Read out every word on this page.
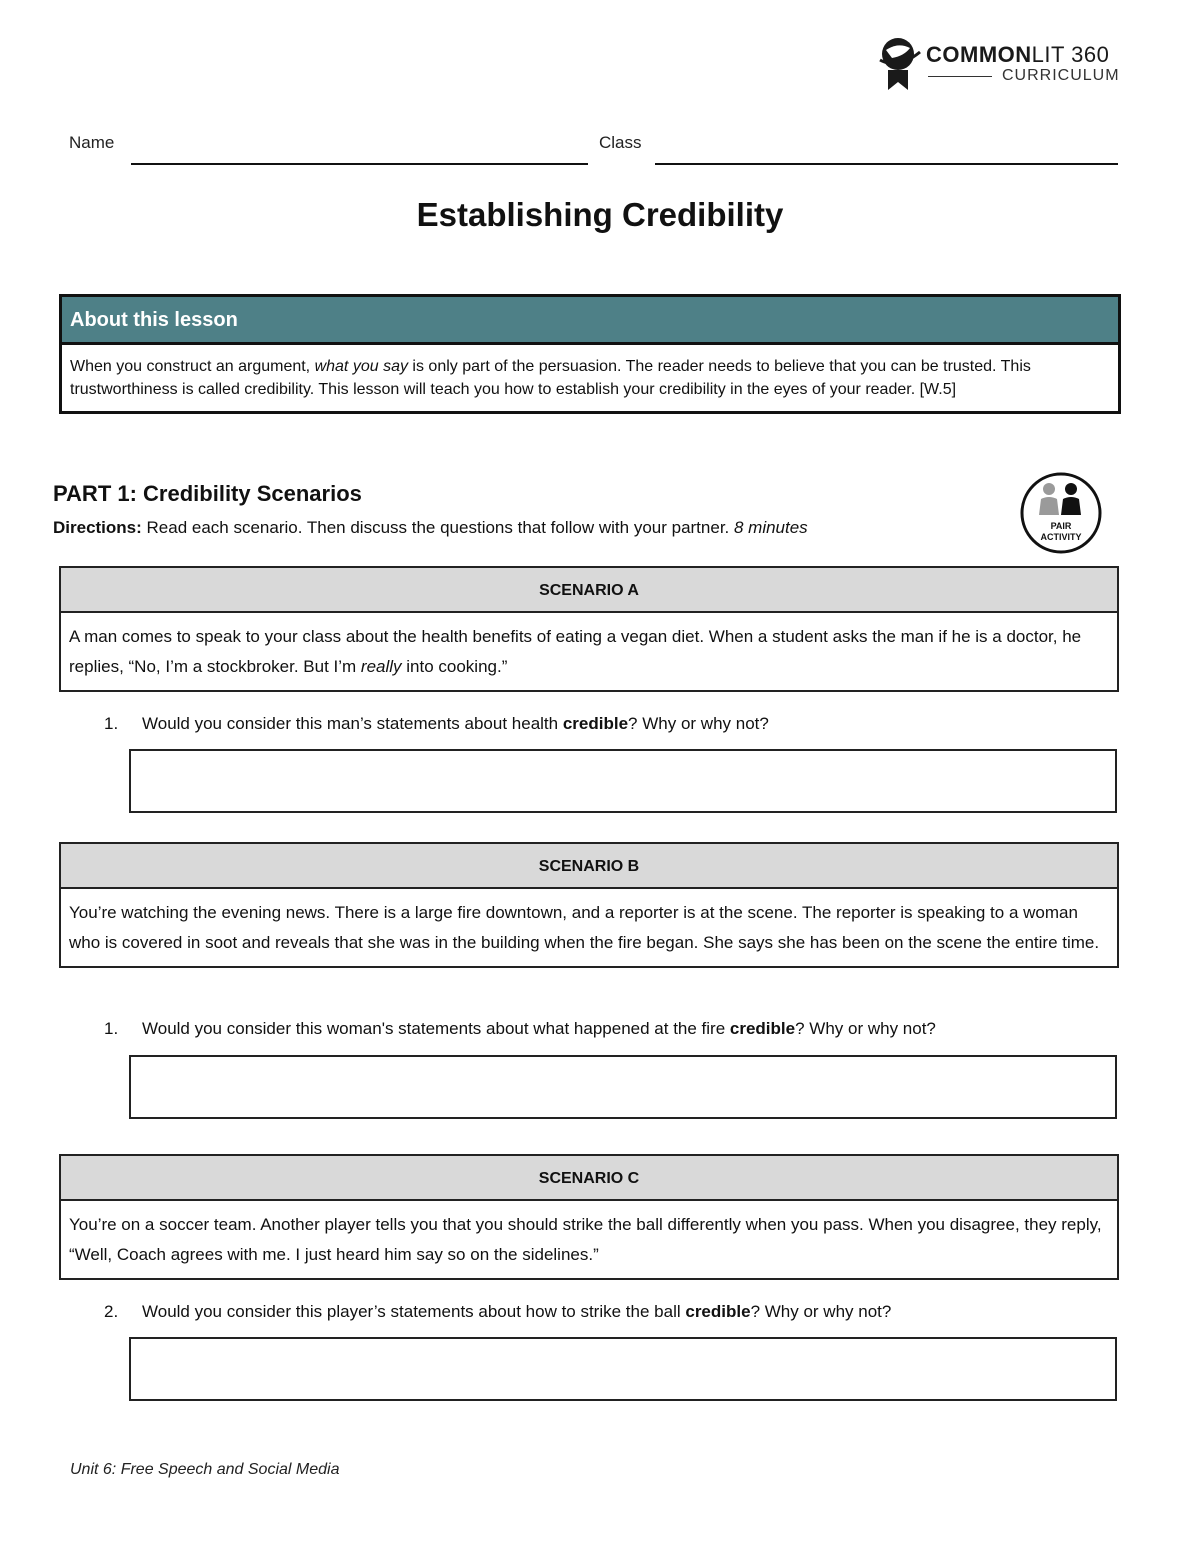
COMMONLIT 360
CURRICULUM
Name	Class
Establishing Credibility
About this lesson
When you construct an argument, what you say is only part of the persuasion. The reader needs to believe that you can be trusted. This trustworthiness is called credibility. This lesson will teach you how to establish your credibility in the eyes of your reader. [W.5]
PART 1: Credibility Scenarios
Directions: Read each scenario. Then discuss the questions that follow with your partner. 8 minutes	PAIR
ACTIVITY
SCENARIO A
A man comes to speak to your class about the health benefits of eating a vegan diet. When a student asks the man if he is a doctor, he replies, “No, I’m a stockbroker. But I’m really into cooking.”
1. Would you consider this man’s statements about health credible? Why or why not?
SCENARIO B
You’re watching the evening news. There is a large fire downtown, and a reporter is at the scene. The reporter is speaking to a woman who is covered in soot and reveals that she was in the building when the fire began. She says she has been on the scene the entire time.
1. Would you consider this woman's statements about what happened at the fire credible? Why or why not?
SCENARIO C
You’re on a soccer team. Another player tells you that you should strike the ball differently when you pass. When you disagree, they reply, “Well, Coach agrees with me. I just heard him say so on the sidelines.”
2. Would you consider this player’s statements about how to strike the ball credible? Why or why not?
Unit 6: Free Speech and Social Media
